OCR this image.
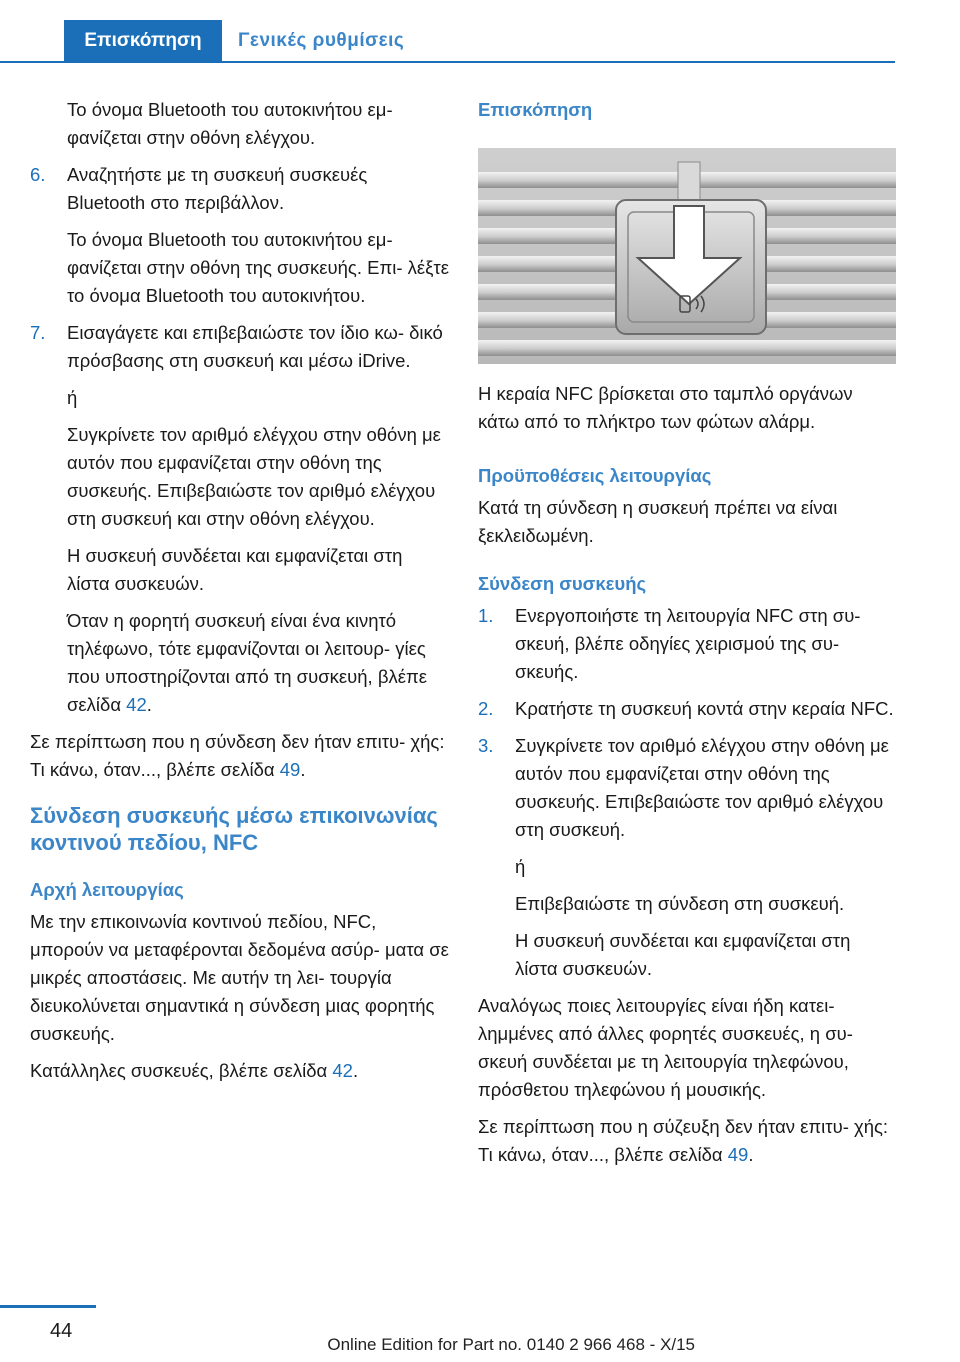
Επισκόπηση	Γενικές ρυθμίσεις

Το όνομα Bluetooth του αυτοκινήτου εμ‐ φανίζεται στην οθόνη ελέγχου.

6. Αναζητήστε με τη συσκευή συσκευές Bluetooth στο περιβάλλον.

Το όνομα Bluetooth του αυτοκινήτου εμ‐ φανίζεται στην οθόνη της συσκευής. Επι‐ λέξτε το όνομα Bluetooth του αυτοκινήτου.

7. Εισαγάγετε και επιβεβαιώστε τον ίδιο κω‐ δικό πρόσβασης στη συσκευή και μέσω iDrive.

ή

Συγκρίνετε τον αριθμό ελέγχου στην οθόνη με αυτόν που εμφανίζεται στην οθόνη της συσκευής. Επιβεβαιώστε τον αριθμό ελέγχου στη συσκευή και στην οθόνη ελέγχου.

Η συσκευή συνδέεται και εμφανίζεται στη λίστα συσκευών.

Όταν η φορητή συσκευή είναι ένα κινητό τηλέφωνο, τότε εμφανίζονται οι λειτουρ‐ γίες που υποστηρίζονται από τη συσκευή, βλέπε σελίδα 42.

Σε περίπτωση που η σύνδεση δεν ήταν επιτυ‐ χής: Τι κάνω, όταν..., βλέπε σελίδα 49.

Σύνδεση συσκευής μέσω επικοινωνίας κοντινού πεδίου, NFC
Αρχή λειτουργίας

Με την επικοινωνία κοντινού πεδίου, NFC, μπορούν να μεταφέρονται δεδομένα ασύρ‐ ματα σε μικρές αποστάσεις. Με αυτήν τη λει‐ τουργία διευκολύνεται σημαντικά η σύνδεση μιας φορητής συσκευής.

Κατάλληλες συσκευές, βλέπε σελίδα 42.

Επισκόπηση

Η κεραία NFC βρίσκεται στο ταμπλό οργάνων κάτω από το πλήκτρο των φώτων αλάρμ.

Προϋποθέσεις λειτουργίας

Κατά τη σύνδεση η συσκευή πρέπει να είναι ξεκλειδωμένη.

Σύνδεση συσκευής
1. Ενεργοποιήστε τη λειτουργία NFC στη συ‐ σκευή, βλέπε οδηγίες χειρισμού της συ‐ σκευής.

2. Κρατήστε τη συσκευή κοντά στην κεραία NFC.

3. Συγκρίνετε τον αριθμό ελέγχου στην οθόνη με αυτόν που εμφανίζεται στην οθόνη της συσκευής. Επιβεβαιώστε τον αριθμό ελέγχου στη συσκευή.

ή

Επιβεβαιώστε τη σύνδεση στη συσκευή.

Η συσκευή συνδέεται και εμφανίζεται στη λίστα συσκευών.

Αναλόγως ποιες λειτουργίες είναι ήδη κατει‐ λημμένες από άλλες φορητές συσκευές, η συ‐ σκευή συνδέεται με τη λειτουργία τηλεφώνου, πρόσθετου τηλεφώνου ή μουσικής.

Σε περίπτωση που η σύζευξη δεν ήταν επιτυ‐ χής: Τι κάνω, όταν..., βλέπε σελίδα 49.

44
Online Edition for Part no. 0140 2 966 468 - X/15
